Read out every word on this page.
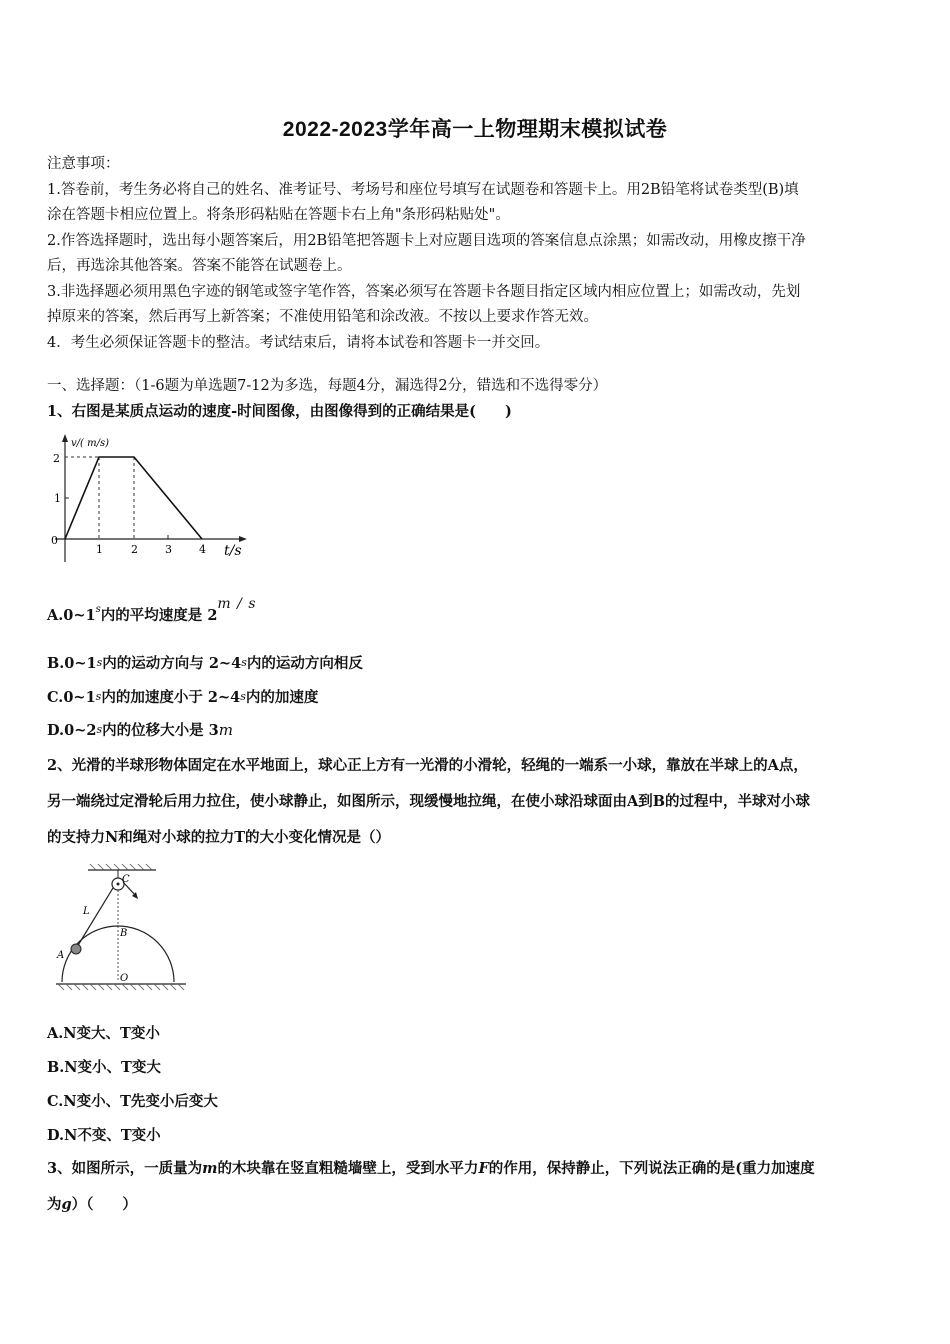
2022-2023学年高一上物理期末模拟试卷

注意事项：

1.答卷前，考生务必将自己的姓名、准考证号、考场号和座位号填写在试题卷和答题卡上。用2B铅笔将试卷类型(B)填

涂在答题卡相应位置上。将条形码粘贴在答题卡右上角"条形码粘贴处"。

2.作答选择题时，选出每小题答案后，用2B铅笔把答题卡上对应题目选项的答案信息点涂黑；如需改动，用橡皮擦干净

后，再选涂其他答案。答案不能答在试题卷上。

3.非选择题必须用黑色字迹的钢笔或签字笔作答，答案必须写在答题卡各题目指定区域内相应位置上；如需改动，先划

掉原来的答案，然后再写上新答案；不准使用铅笔和涂改液。不按以上要求作答无效。

4．考生必须保证答题卡的整洁。考试结束后，请将本试卷和答题卡一并交回。

一、选择题：（1-6题为单选题7-12为多选，每题4分，漏选得2分，错选和不选得零分）
1、右图是某质点运动的速度-时间图像，由图像得到的正确结果是(　　)
v/( m/s)
2
1
0
1	2 3 4 t/s
A.0~1$^s$内的平均速度是 2m / s
B.0~1s内的运动方向与 2~4s内的运动方向相反
C.0~1s内的加速度小于 2~4s内的加速度
D.0~2s内的位移大小是 3m
2、光滑的半球形物体固定在水平地面上，球心正上方有一光滑的小滑轮，轻绳的一端系一小球，靠放在半球上的A点，
另一端绕过定滑轮后用力拉住，使小球静止，如图所示，现缓慢地拉绳，在使小球沿球面由A到B的过程中，半球对小球
的支持力N和绳对小球的拉力T的大小变化情况是（）
C
L
B
A
O
A.N变大、T变小
B.N变小、T变大
C.N变小、T先变小后变大
D.N不变、T变小
3、如图所示，一质量为m的木块靠在竖直粗糙墙壁上，受到水平力F的作用，保持静止，下列说法正确的是(重力加速度
为g）（　　）
